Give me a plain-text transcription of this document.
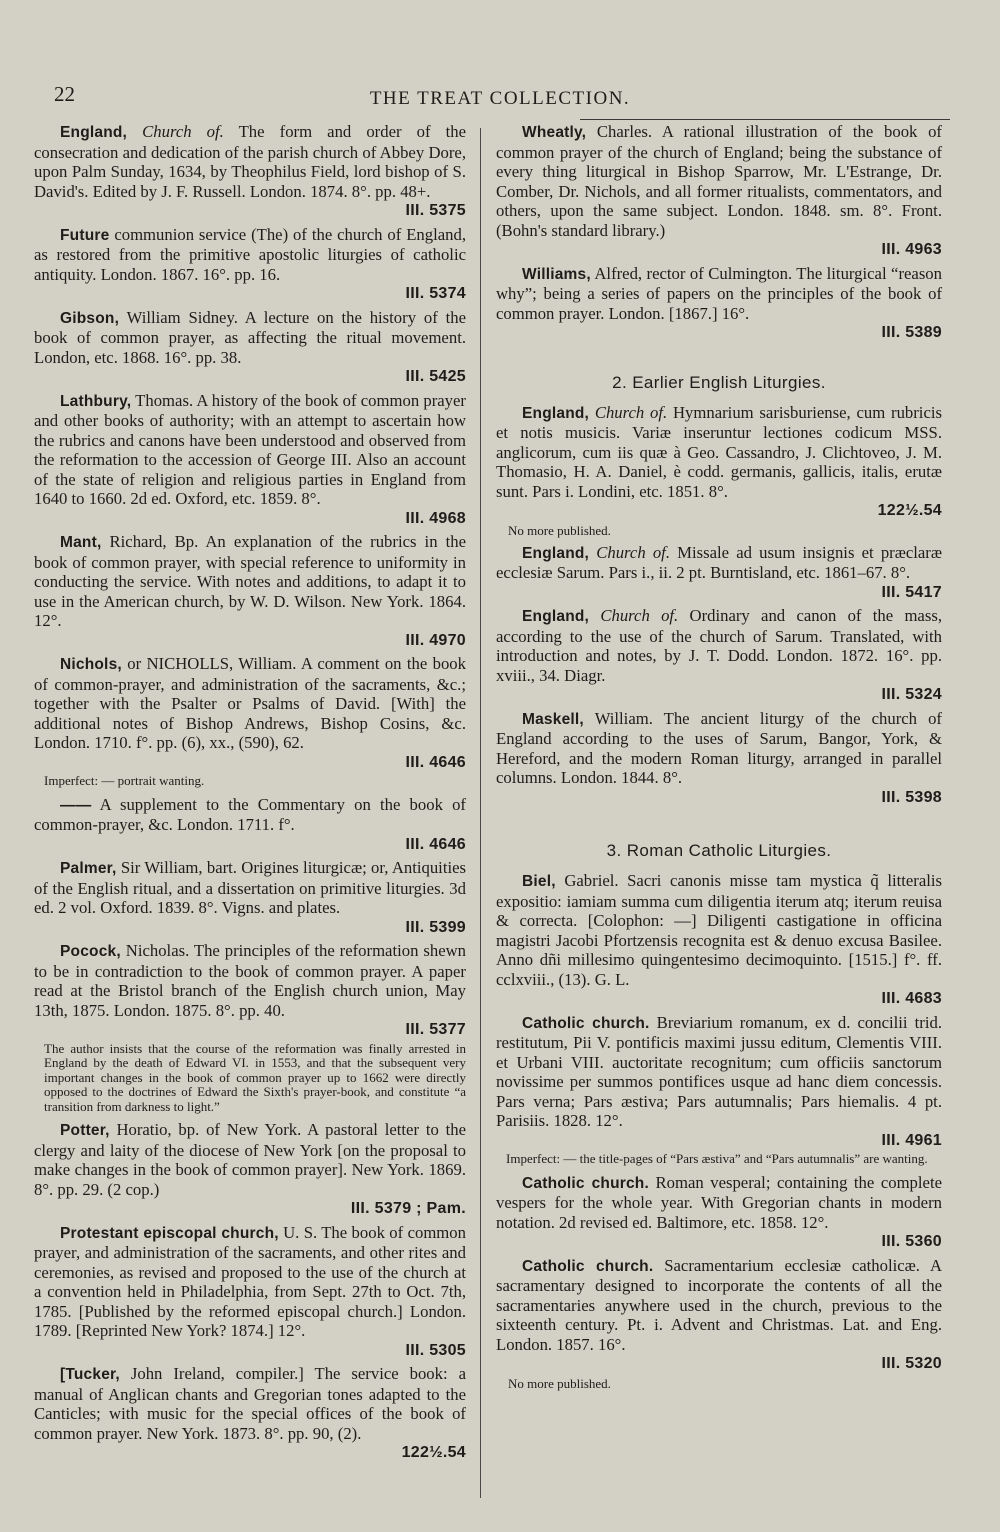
22	THE TREAT COLLECTION.

England, Church of. The form and order of the consecration and dedication of the parish church of Abbey Dore, upon Palm Sunday, 1634, by Theophilus Field, lord bishop of S. David's. Edited by J. F. Russell. London. 1874. 8°. pp. 48+.
III. 5375

Future communion service (The) of the church of England, as restored from the primitive apostolic liturgies of catholic antiquity. London. 1867. 16°. pp. 16.
III. 5374

Gibson, William Sidney. A lecture on the history of the book of common prayer, as affecting the ritual movement. London, etc. 1868. 16°. pp. 38.
III. 5425

Lathbury, Thomas. A history of the book of common prayer and other books of authority; with an attempt to ascertain how the rubrics and canons have been understood and observed from the reformation to the accession of George III. Also an account of the state of religion and religious parties in England from 1640 to 1660. 2d ed. Oxford, etc. 1859. 8°.
III. 4968

Mant, Richard, Bp. An explanation of the rubrics in the book of common prayer, with special reference to uniformity in conducting the service. With notes and additions, to adapt it to use in the American church, by W. D. Wilson. New York. 1864. 12°.
III. 4970

Nichols, or NICHOLLS, William. A comment on the book of common-prayer, and administration of the sacraments, &c.; together with the Psalter or Psalms of David. [With] the additional notes of Bishop Andrews, Bishop Cosins, &c. London. 1710. f°. pp. (6), xx., (590), 62.
III. 4646

Imperfect: — portrait wanting.

—— A supplement to the Commentary on the book of common-prayer, &c. London. 1711. f°.
III. 4646

Palmer, Sir William, bart. Origines liturgicæ; or, Antiquities of the English ritual, and a dissertation on primitive liturgies. 3d ed. 2 vol. Oxford. 1839. 8°. Vigns. and plates.
III. 5399

Pocock, Nicholas. The principles of the reformation shewn to be in contradiction to the book of common prayer. A paper read at the Bristol branch of the English church union, May 13th, 1875. London. 1875. 8°. pp. 40.
III. 5377

The author insists that the course of the reformation was finally arrested in England by the death of Edward VI. in 1553, and that the subsequent very important changes in the book of common prayer up to 1662 were directly opposed to the doctrines of Edward the Sixth's prayer-book, and constitute “a transition from darkness to light.”

Potter, Horatio, bp. of New York. A pastoral letter to the clergy and laity of the diocese of New York [on the proposal to make changes in the book of common prayer]. New York. 1869. 8°. pp. 29. (2 cop.)
III. 5379 ; Pam.

Protestant episcopal church, U. S. The book of common prayer, and administration of the sacraments, and other rites and ceremonies, as revised and proposed to the use of the church at a convention held in Philadelphia, from Sept. 27th to Oct. 7th, 1785. [Published by the reformed episcopal church.] London. 1789. [Reprinted New York? 1874.] 12°.
III. 5305

[Tucker, John Ireland, compiler.] The service book: a manual of Anglican chants and Gregorian tones adapted to the Canticles; with music for the special offices of the book of common prayer. New York. 1873. 8°. pp. 90, (2).
122½.54

Wheatly, Charles. A rational illustration of the book of common prayer of the church of England; being the substance of every thing liturgical in Bishop Sparrow, Mr. L'Estrange, Dr. Comber, Dr. Nichols, and all former ritualists, commentators, and others, upon the same subject. London. 1848. sm. 8°. Front. (Bohn's standard library.)
III. 4963

Williams, Alfred, rector of Culmington. The liturgical “reason why”; being a series of papers on the principles of the book of common prayer. London. [1867.] 16°.
III. 5389

2. Earlier English Liturgies.

England, Church of. Hymnarium sarisburiense, cum rubricis et notis musicis. Variæ inseruntur lectiones codicum MSS. anglicorum, cum iis quæ à Geo. Cassandro, J. Clichtoveo, J. M. Thomasio, H. A. Daniel, è codd. germanis, gallicis, italis, erutæ sunt. Pars i. Londini, etc. 1851. 8°.
122½.54

No more published.

England, Church of. Missale ad usum insignis et præclaræ ecclesiæ Sarum. Pars i., ii. 2 pt. Burntisland, etc. 1861–67. 8°.
III. 5417

England, Church of. Ordinary and canon of the mass, according to the use of the church of Sarum. Translated, with introduction and notes, by J. T. Dodd. London. 1872. 16°. pp. xviii., 34. Diagr.
III. 5324

Maskell, William. The ancient liturgy of the church of England according to the uses of Sarum, Bangor, York, & Hereford, and the modern Roman liturgy, arranged in parallel columns. London. 1844. 8°.
III. 5398

3. Roman Catholic Liturgies.

Biel, Gabriel. Sacri canonis misse tam mystica q̃ litteralis expositio: iamiam summa cum diligentia iterum atq; iterum reuisa & correcta. [Colophon: —] Diligenti castigatione in officina magistri Jacobi Pfortzensis recognita est & denuo excusa Basilee. Anno dñi millesimo quingentesimo decimoquinto. [1515.] f°. ff. cclxviii., (13). G. L.
III. 4683

Catholic church. Breviarium romanum, ex d. concilii trid. restitutum, Pii V. pontificis maximi jussu editum, Clementis VIII. et Urbani VIII. auctoritate recognitum; cum officiis sanctorum novissime per summos pontifices usque ad hanc diem concessis. Pars verna; Pars æstiva; Pars autumnalis; Pars hiemalis. 4 pt. Parisiis. 1828. 12°.
III. 4961

Imperfect: — the title-pages of “Pars æstiva” and “Pars autumnalis” are wanting.

Catholic church. Roman vesperal; containing the complete vespers for the whole year. With Gregorian chants in modern notation. 2d revised ed. Baltimore, etc. 1858. 12°.
III. 5360

Catholic church. Sacramentarium ecclesiæ catholicæ. A sacramentary designed to incorporate the contents of all the sacramentaries anywhere used in the church, previous to the sixteenth century. Pt. i. Advent and Christmas. Lat. and Eng. London. 1857. 16°.
III. 5320

No more published.
